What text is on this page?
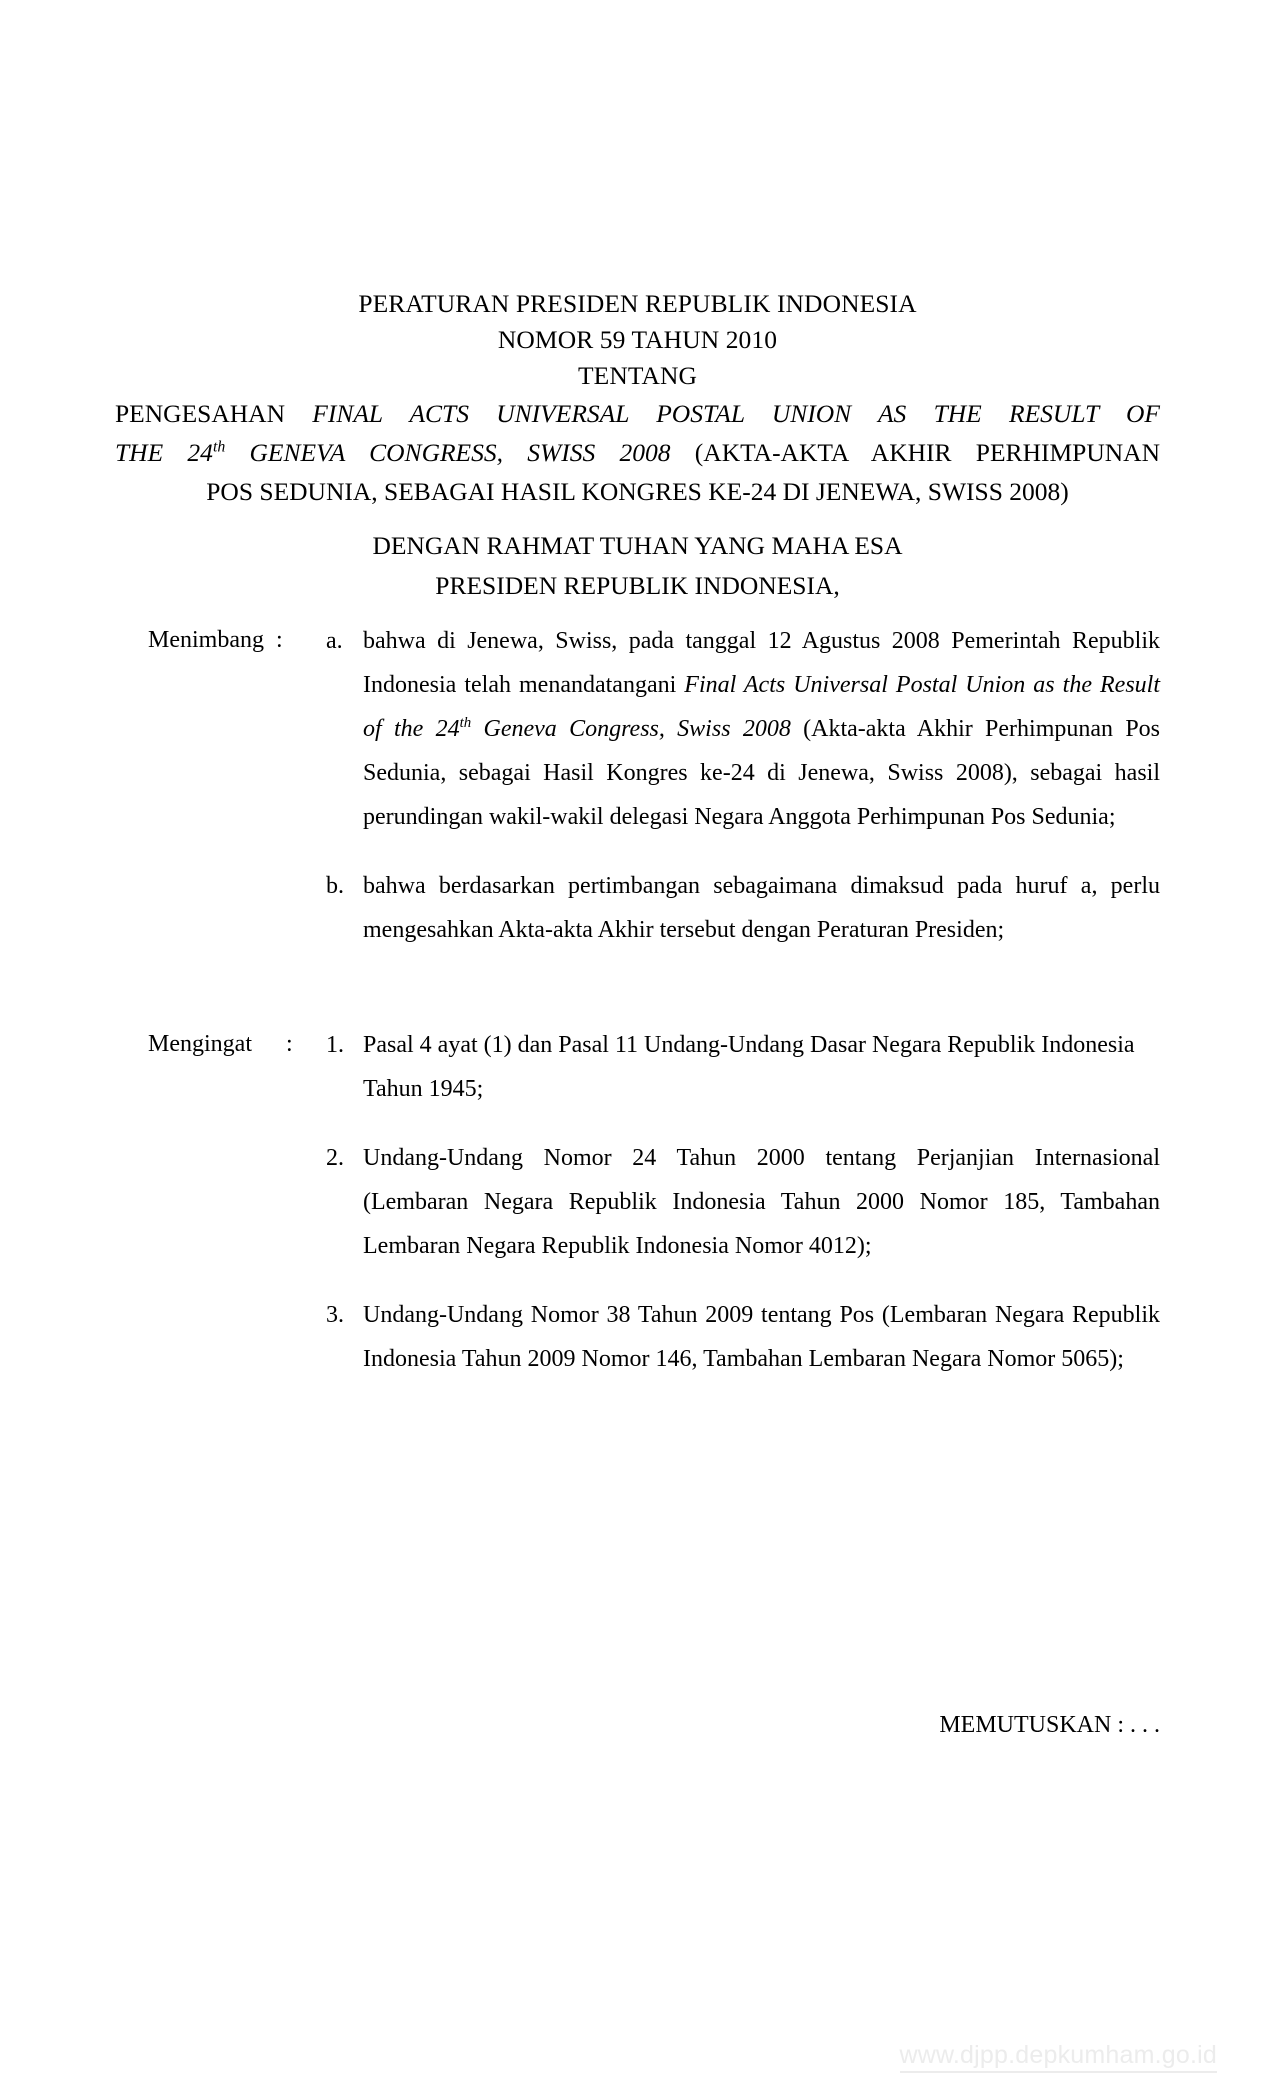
PERATURAN PRESIDEN REPUBLIK INDONESIA
NOMOR 59 TAHUN 2010
TENTANG
PENGESAHAN FINAL ACTS UNIVERSAL POSTAL UNION AS THE RESULT OF
THE 24th GENEVA CONGRESS, SWISS 2008 (AKTA-AKTA AKHIR PERHIMPUNAN
POS SEDUNIA, SEBAGAI HASIL KONGRES KE-24 DI JENEWA, SWISS 2008)
DENGAN RAHMAT TUHAN YANG MAHA ESA
PRESIDEN REPUBLIK INDONESIA,
Menimbang : a. bahwa di Jenewa, Swiss, pada tanggal 12 Agustus 2008 Pemerintah Republik Indonesia telah menandatangani Final Acts Universal Postal Union as the Result of the 24th Geneva Congress, Swiss 2008 (Akta-akta Akhir Perhimpunan Pos Sedunia, sebagai Hasil Kongres ke-24 di Jenewa, Swiss 2008), sebagai hasil perundingan wakil-wakil delegasi Negara Anggota Perhimpunan Pos Sedunia;
b. bahwa berdasarkan pertimbangan sebagaimana dimaksud pada huruf a, perlu mengesahkan Akta-akta Akhir tersebut dengan Peraturan Presiden;
Mengingat : 1. Pasal 4 ayat (1) dan Pasal 11 Undang-Undang Dasar Negara Republik Indonesia Tahun 1945;
2. Undang-Undang Nomor 24 Tahun 2000 tentang Perjanjian Internasional (Lembaran Negara Republik Indonesia Tahun 2000 Nomor 185, Tambahan Lembaran Negara Republik Indonesia Nomor 4012);
3. Undang-Undang Nomor 38 Tahun 2009 tentang Pos (Lembaran Negara Republik Indonesia Tahun 2009 Nomor 146, Tambahan Lembaran Negara Nomor 5065);
MEMUTUSKAN : . . .
www.djpp.depkumham.go.id
